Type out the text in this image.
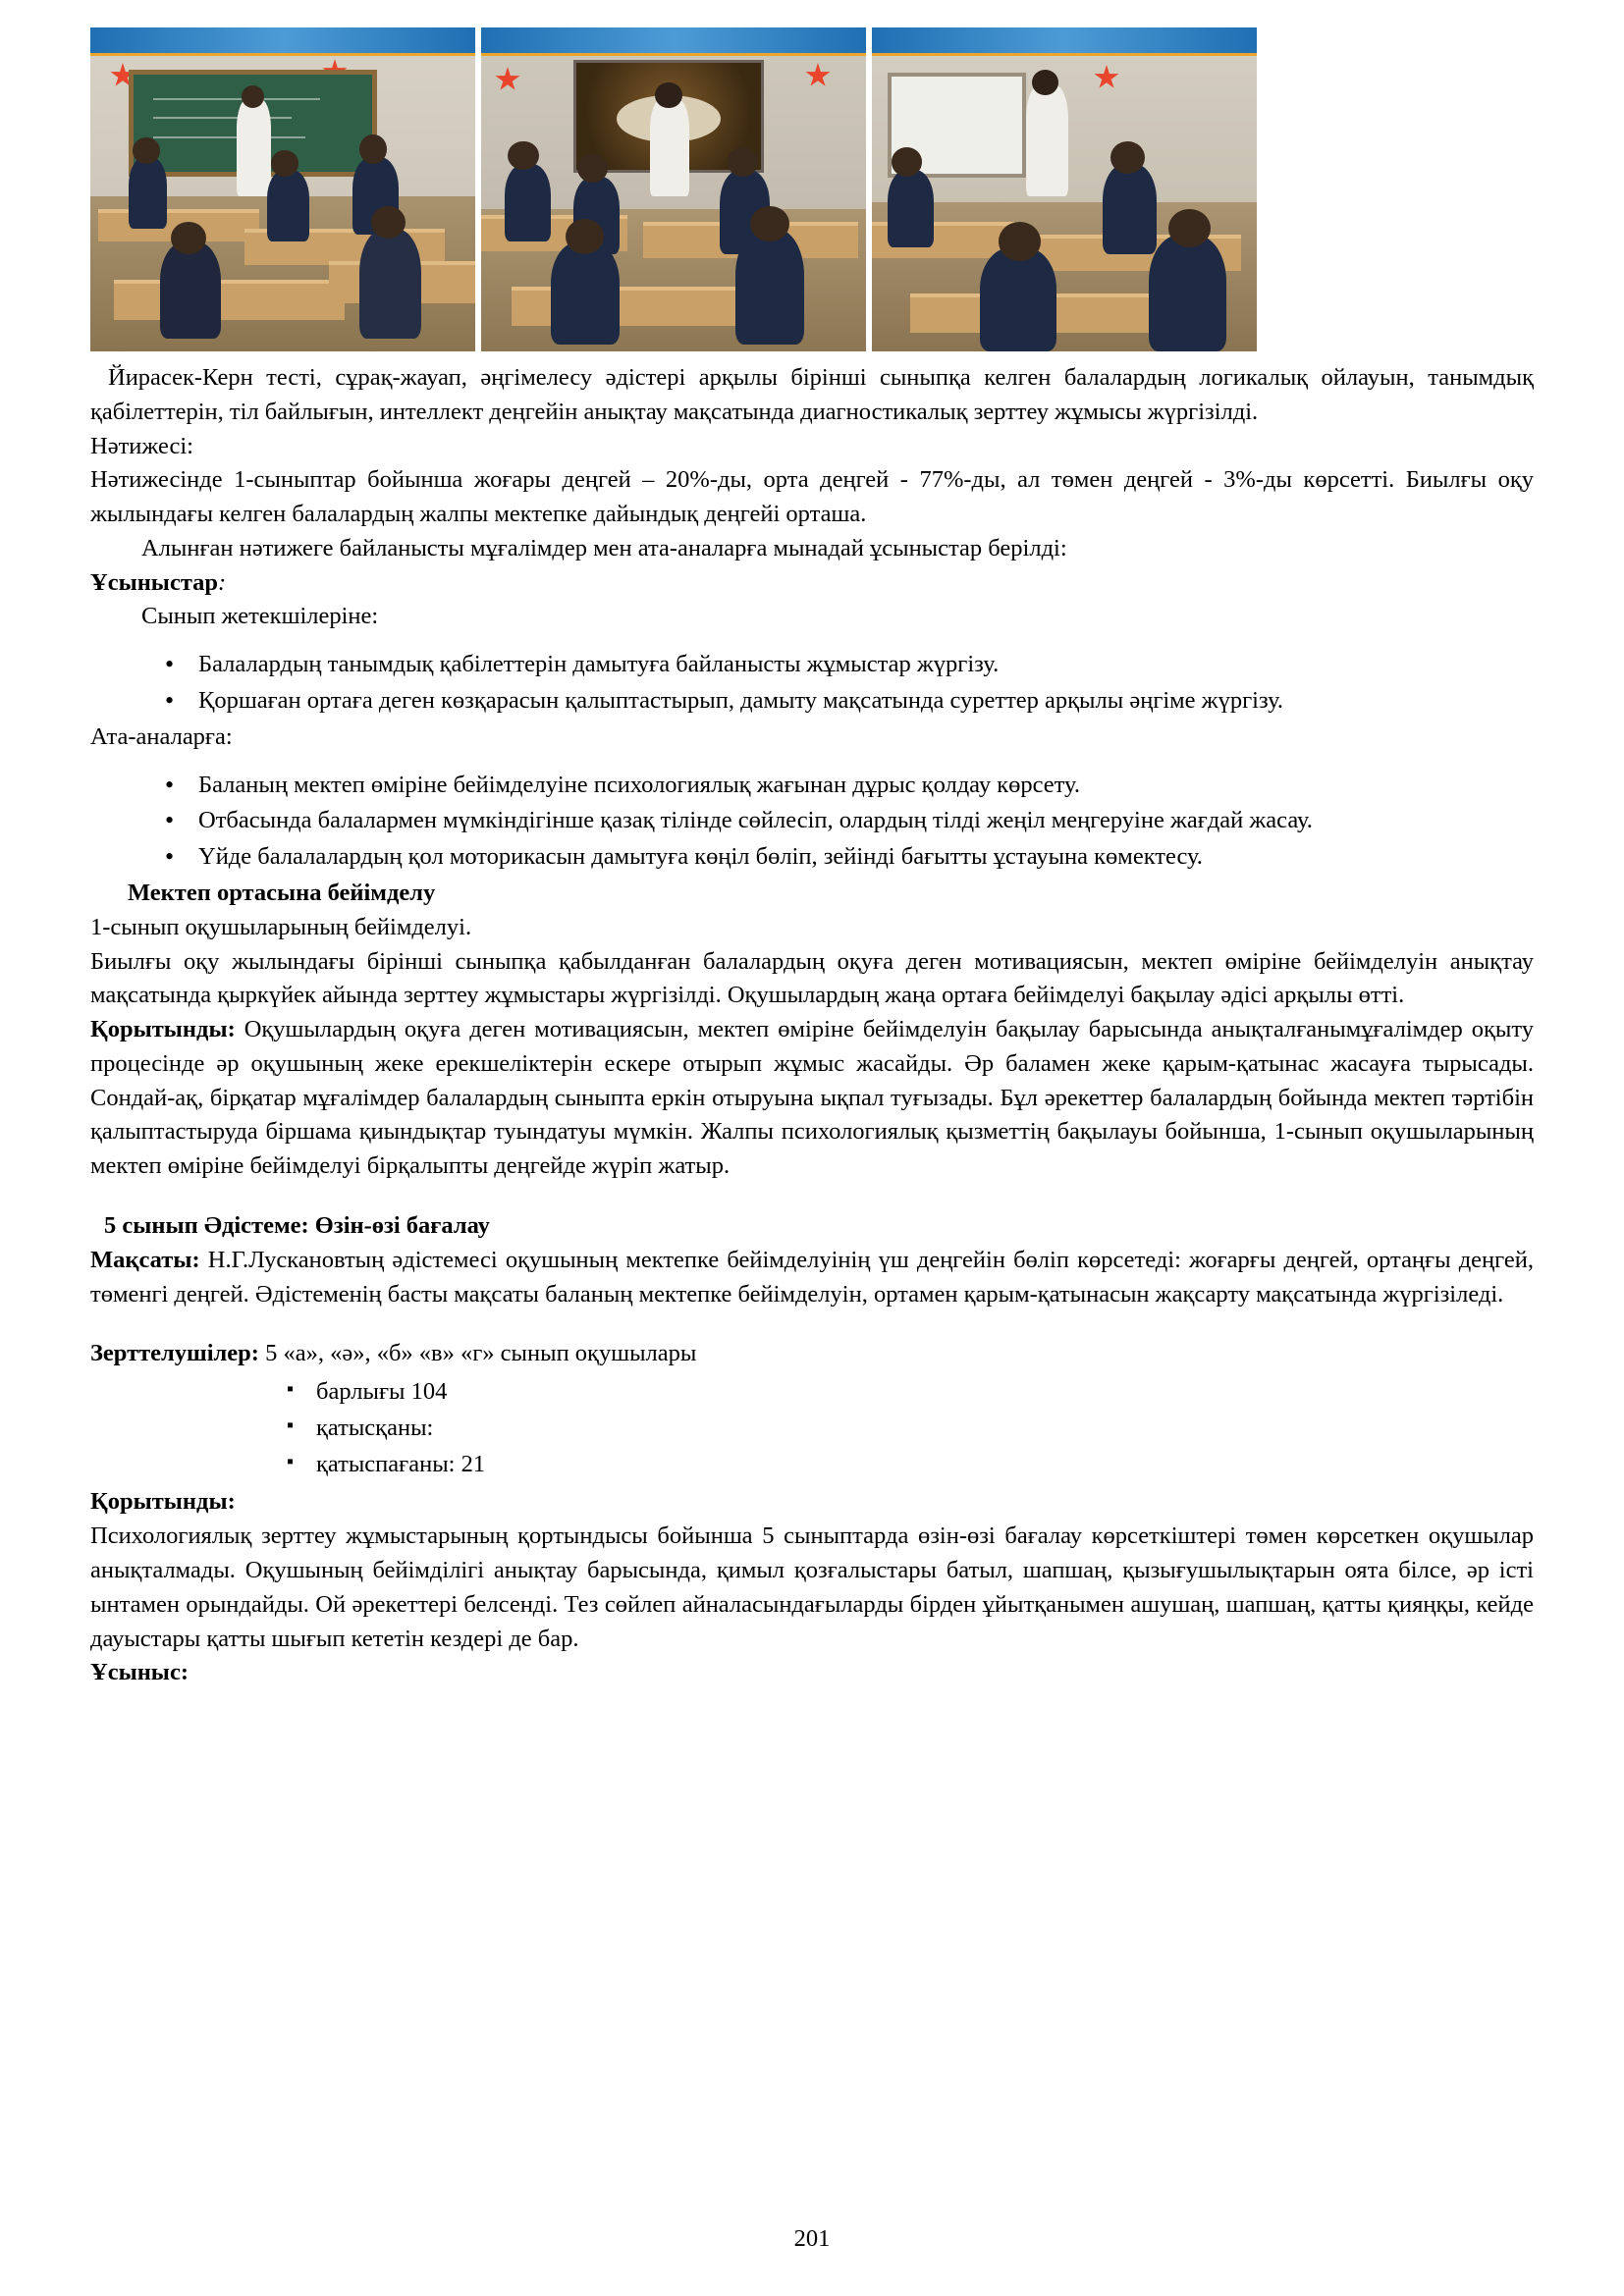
Йирасек-Керн тесті, сұрақ-жауап, әңгімелесу әдістері арқылы бірінші сыныпқа келген балалардың логикалық ойлауын, танымдық қабілеттерін, тіл байлығын, интеллект деңгейін анықтау мақсатында диагностикалық зерттеу жұмысы жүргізілді.

Нәтижесі:

Нәтижесінде 1-сыныптар бойынша жоғары деңгей – 20%-ды, орта деңгей - 77%-ды, ал төмен деңгей - 3%-ды көрсетті. Биылғы оқу жылындағы келген балалардың жалпы мектепке дайындық деңгейі орташа.

Алынған нәтижеге байланысты мұғалімдер мен ата-аналарға мынадай ұсыныстар берілді:

Ұсыныстар:

Сынып жетекшілеріне:

• Балалардың танымдық қабілеттерін дамытуға байланысты жұмыстар жүргізу.
• Қоршаған ортаға деген көзқарасын қалыптастырып, дамыту мақсатында суреттер арқылы әңгіме жүргізу.

Ата-аналарға:

• Баланың мектеп өміріне бейімделуіне психологиялық жағынан дұрыс қолдау көрсету.
• Отбасында балалармен мүмкіндігінше қазақ тілінде сөйлесіп, олардың тілді жеңіл меңгеруіне жағдай жасау.
• Үйде балалалардың қол моторикасын дамытуға көңіл бөліп, зейінді бағытты ұстауына көмектесу.

Мектеп ортасына бейімделу

1-сынып оқушыларының бейімделуі.

Биылғы оқу жылындағы бірінші сыныпқа қабылданған балалардың оқуға деген мотивациясын, мектеп өміріне бейімделуін анықтау мақсатында қыркүйек айында зерттеу жұмыстары жүргізілді. Оқушылардың жаңа ортаға бейімделуі бақылау әдісі арқылы өтті.

Қорытынды: Оқушылардың оқуға деген мотивациясын, мектеп өміріне бейімделуін бақылау барысында анықталғанымұғалімдер оқыту процесінде әр оқушының жеке ерекшеліктерін ескере отырып жұмыс жасайды. Әр баламен жеке қарым-қатынас жасауға тырысады. Сондай-ақ, бірқатар мұғалімдер балалардың сыныпта еркін отыруына ықпал туғызады. Бұл әрекеттер балалардың бойында мектеп тәртібін қалыптастыруда біршама қиындықтар туындатуы мүмкін. Жалпы психологиялық қызметтің бақылауы бойынша, 1-сынып оқушыларының мектеп өміріне бейімделуі бірқалыпты деңгейде жүріп жатыр.

5 сынып Әдістеме: Өзін-өзі бағалау

Мақсаты: Н.Г.Лускановтың әдістемесі оқушының мектепке бейімделуінің үш деңгейін бөліп көрсетеді: жоғарғы деңгей, ортаңғы деңгей, төменгі деңгей. Әдістеменің басты мақсаты баланың мектепке бейімделуін, ортамен қарым-қатынасын жақсарту мақсатында жүргізіледі.

Зерттелушілер: 5 «а», «ә», «б» «в» «г» сынып оқушылары

▪ барлығы 104
▪ қатысқаны:
▪ қатыспағаны: 21

Қорытынды:

Психологиялық зерттеу жұмыстарының қортындысы бойынша 5 сыныптарда өзін-өзі бағалау көрсеткіштері төмен көрсеткен оқушылар анықталмады. Оқушының бейімділігі анықтау барысында, қимыл қозғалыстары батыл, шапшаң, қызығушылықтарын оята білсе, әр істі ынтамен орындайды. Ой әрекеттері белсенді. Тез сөйлеп айналасындағыларды бірден ұйытқанымен ашушаң, шапшаң, қатты қияңқы, кейде дауыстары қатты шығып кететін кездері де бар.

Ұсыныс:

201
